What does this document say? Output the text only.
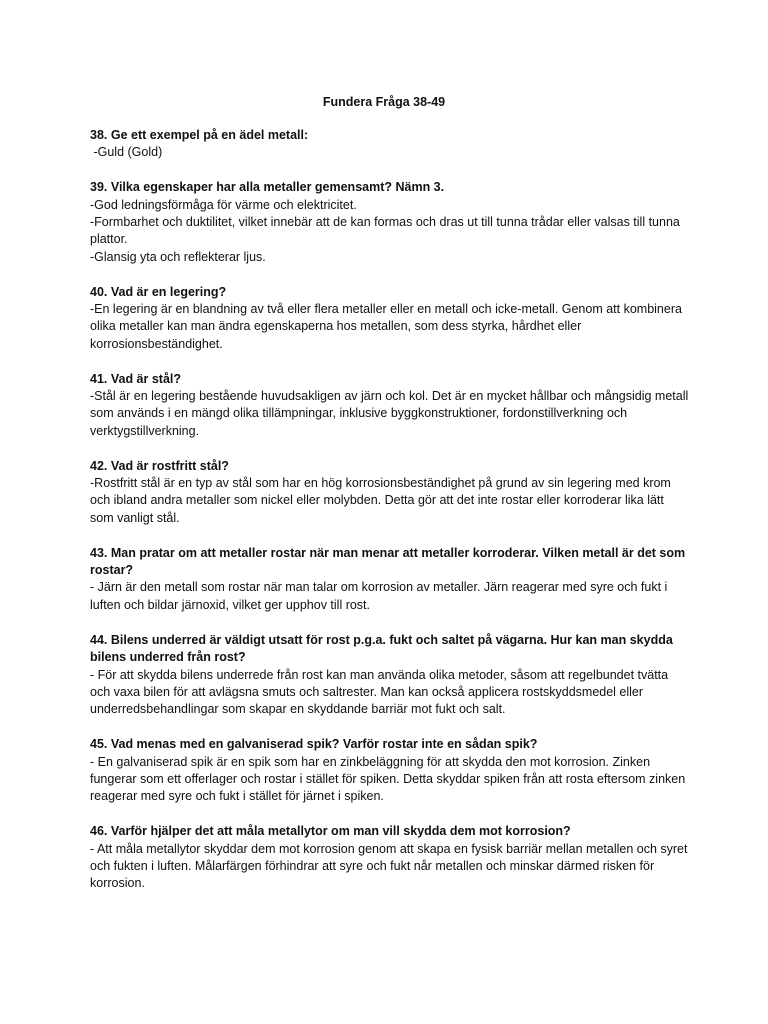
Fundera Fråga 38-49

38. Ge ett exempel på en ädel metall:

-Guld (Gold)

39. Vilka egenskaper har alla metaller gemensamt? Nämn 3.

-God ledningsförmåga för värme och elektricitet.

-Formbarhet och duktilitet, vilket innebär att de kan formas och dras ut till tunna trådar eller valsas till tunna plattor.

-Glansig yta och reflekterar ljus.

40. Vad är en legering?

-En legering är en blandning av två eller flera metaller eller en metall och icke-metall. Genom att kombinera olika metaller kan man ändra egenskaperna hos metallen, som dess styrka, hårdhet eller korrosionsbeständighet.

41. Vad är stål?

-Stål är en legering bestående huvudsakligen av järn och kol. Det är en mycket hållbar och mångsidig metall som används i en mängd olika tillämpningar, inklusive byggkonstruktioner, fordonstillverkning och verktygstillverkning.

42. Vad är rostfritt stål?

-Rostfritt stål är en typ av stål som har en hög korrosionsbeständighet på grund av sin legering med krom och ibland andra metaller som nickel eller molybden. Detta gör att det inte rostar eller korroderar lika lätt som vanligt stål.

43. Man pratar om att metaller rostar när man menar att metaller korroderar. Vilken metall är det som rostar?

- Järn är den metall som rostar när man talar om korrosion av metaller. Järn reagerar med syre och fukt i luften och bildar järnoxid, vilket ger upphov till rost.

44. Bilens underred är väldigt utsatt för rost p.g.a. fukt och saltet på vägarna. Hur kan man skydda bilens underred från rost?

- För att skydda bilens underrede från rost kan man använda olika metoder, såsom att regelbundet tvätta och vaxa bilen för att avlägsna smuts och saltrester. Man kan också applicera rostskyddsmedel eller underredsbehandlingar som skapar en skyddande barriär mot fukt och salt.

45. Vad menas med en galvaniserad spik? Varför rostar inte en sådan spik?

- En galvaniserad spik är en spik som har en zinkbeläggning för att skydda den mot korrosion. Zinken fungerar som ett offerlager och rostar i stället för spiken. Detta skyddar spiken från att rosta eftersom zinken reagerar med syre och fukt i stället för järnet i spiken.

46. Varför hjälper det att måla metallytor om man vill skydda dem mot korrosion?

- Att måla metallytor skyddar dem mot korrosion genom att skapa en fysisk barriär mellan metallen och syret och fukten i luften. Målarfärgen förhindrar att syre och fukt når metallen och minskar därmed risken för korrosion.
